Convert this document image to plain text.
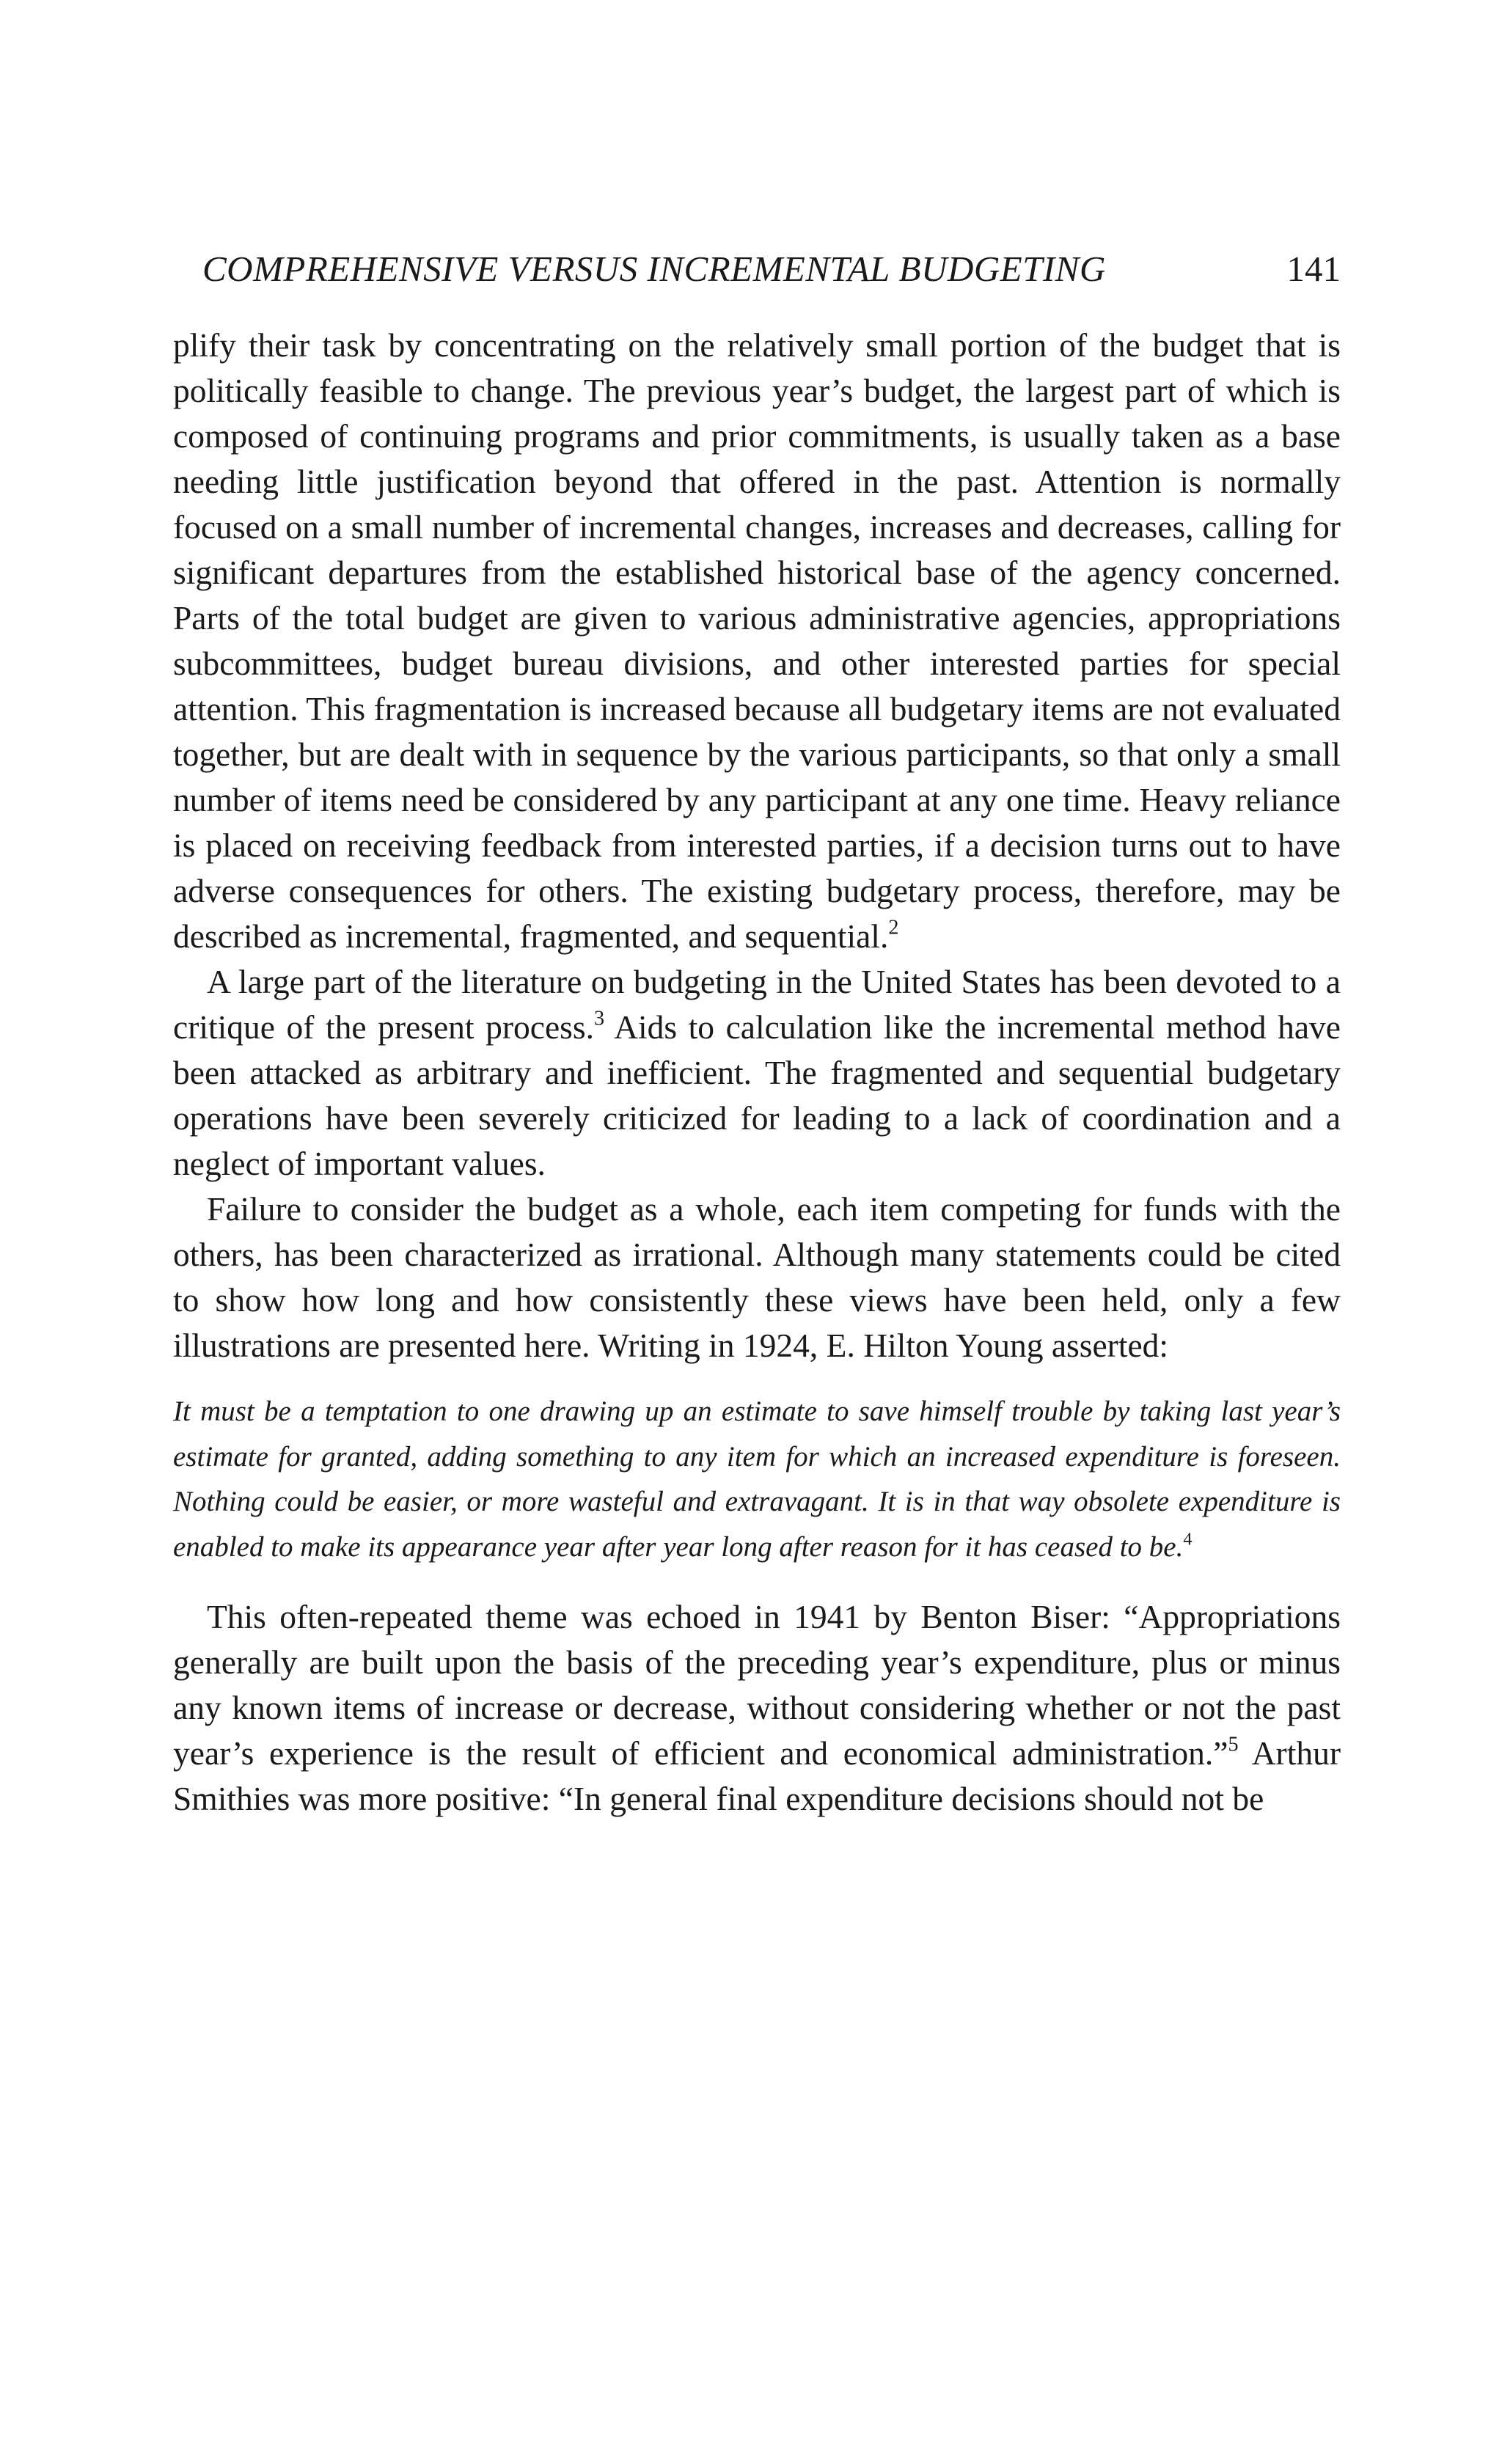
COMPREHENSIVE VERSUS INCREMENTAL BUDGETING	141

plify their task by concentrating on the relatively small portion of the budget that is politically feasible to change. The previous year’s budget, the largest part of which is composed of continuing programs and prior commitments, is usually taken as a base needing little justification beyond that offered in the past. Attention is normally focused on a small number of incremental changes, increases and decreases, calling for significant departures from the established historical base of the agency concerned. Parts of the total budget are given to various administrative agencies, appropriations subcommittees, budget bureau divisions, and other interested parties for special attention. This fragmentation is increased because all budgetary items are not evaluated together, but are dealt with in sequence by the various participants, so that only a small number of items need be considered by any participant at any one time. Heavy reliance is placed on receiving feedback from interested parties, if a decision turns out to have adverse consequences for others. The existing budgetary process, therefore, may be described as incremental, fragmented, and sequential.$^2$

A large part of the literature on budgeting in the United States has been devoted to a critique of the present process.$^3$ Aids to calculation like the incremental method have been attacked as arbitrary and inefficient. The fragmented and sequential budgetary operations have been severely criticized for leading to a lack of coordination and a neglect of important values.

Failure to consider the budget as a whole, each item competing for funds with the others, has been characterized as irrational. Although many statements could be cited to show how long and how consistently these views have been held, only a few illustrations are presented here. Writing in 1924, E. Hilton Young asserted:

It must be a temptation to one drawing up an estimate to save himself trouble by taking last year’s estimate for granted, adding something to any item for which an increased expenditure is foreseen. Nothing could be easier, or more wasteful and extravagant. It is in that way obsolete expenditure is enabled to make its appearance year after year long after reason for it has ceased to be.$^4$

This often-repeated theme was echoed in 1941 by Benton Biser: “Appropriations generally are built upon the basis of the preceding year’s expenditure, plus or minus any known items of increase or decrease, without considering whether or not the past year’s experience is the result of efficient and economical administration.”$^5$ Arthur Smithies was more positive: “In general final expenditure decisions should not be
